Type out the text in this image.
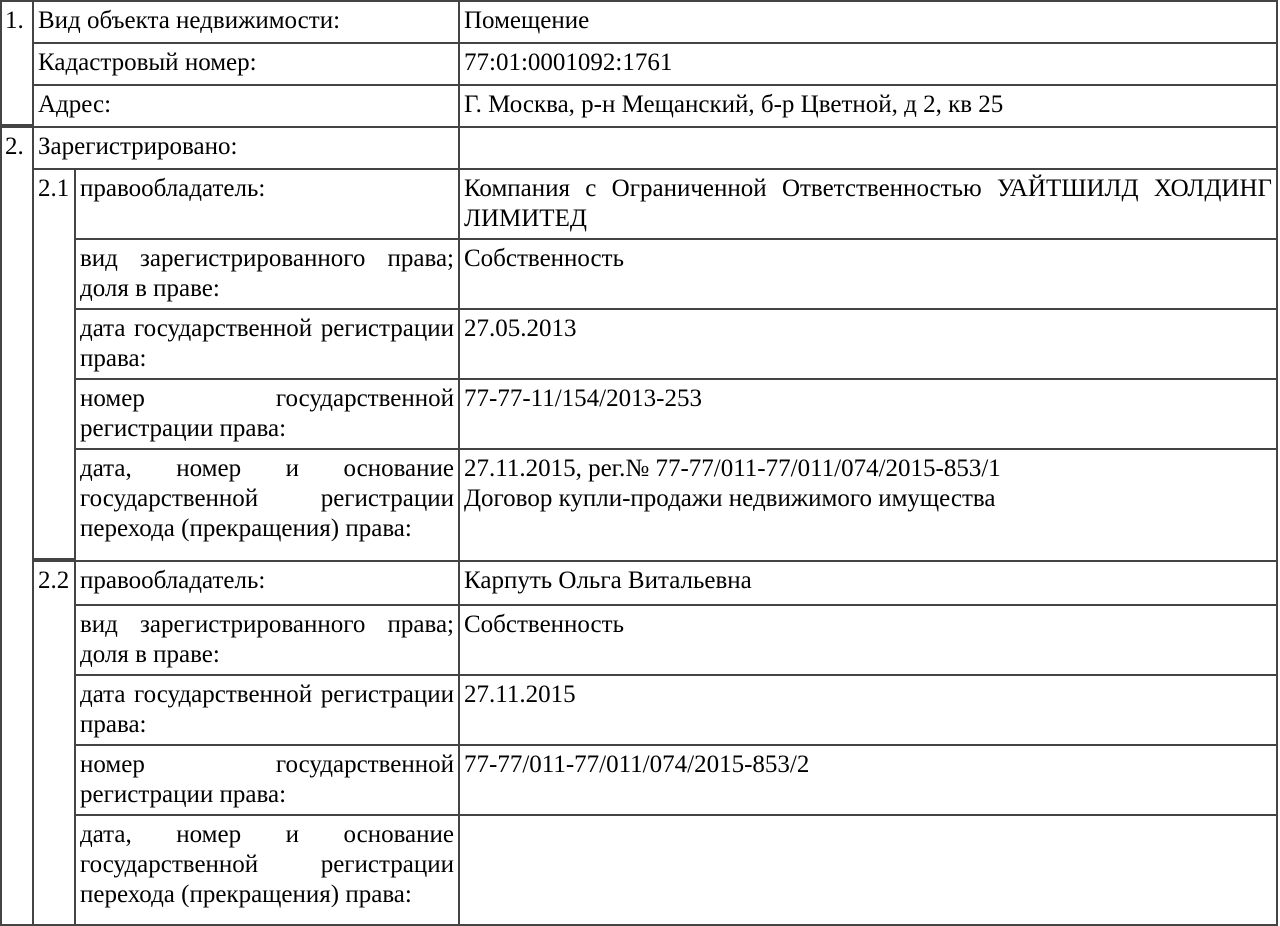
1. Вид объекта недвижимости:	Помещение
Кадастровый номер:	77:01:0001092:1761
Адрес:	Г. Москва, р-н Мещанский, б-р Цветной, д 2, кв 25
2. Зарегистрировано:
2.1 правообладатель:	Компания с Ограниченной Ответственностью УАЙТШИЛД ХОЛДИНГ ЛИМИТЕД
вид зарегистрированного права; доля в праве:
Собственность
дата государственной регистрации права:
27.05.2013
номер государственной регистрации права:
77-77-11/154/2013-253
дата, номер и основание государственной регистрации перехода (прекращения) права:
27.11.2015, рег.№ 77-77/011-77/011/074/2015-853/1
Договор купли-продажи недвижимого имущества
2.2 правообладатель:	Карпуть Ольга Витальевна
вид зарегистрированного права; доля в праве:
Собственность
дата государственной регистрации права:
27.11.2015
номер государственной регистрации права:
77-77/011-77/011/074/2015-853/2
дата, номер и основание государственной регистрации перехода (прекращения) права:
